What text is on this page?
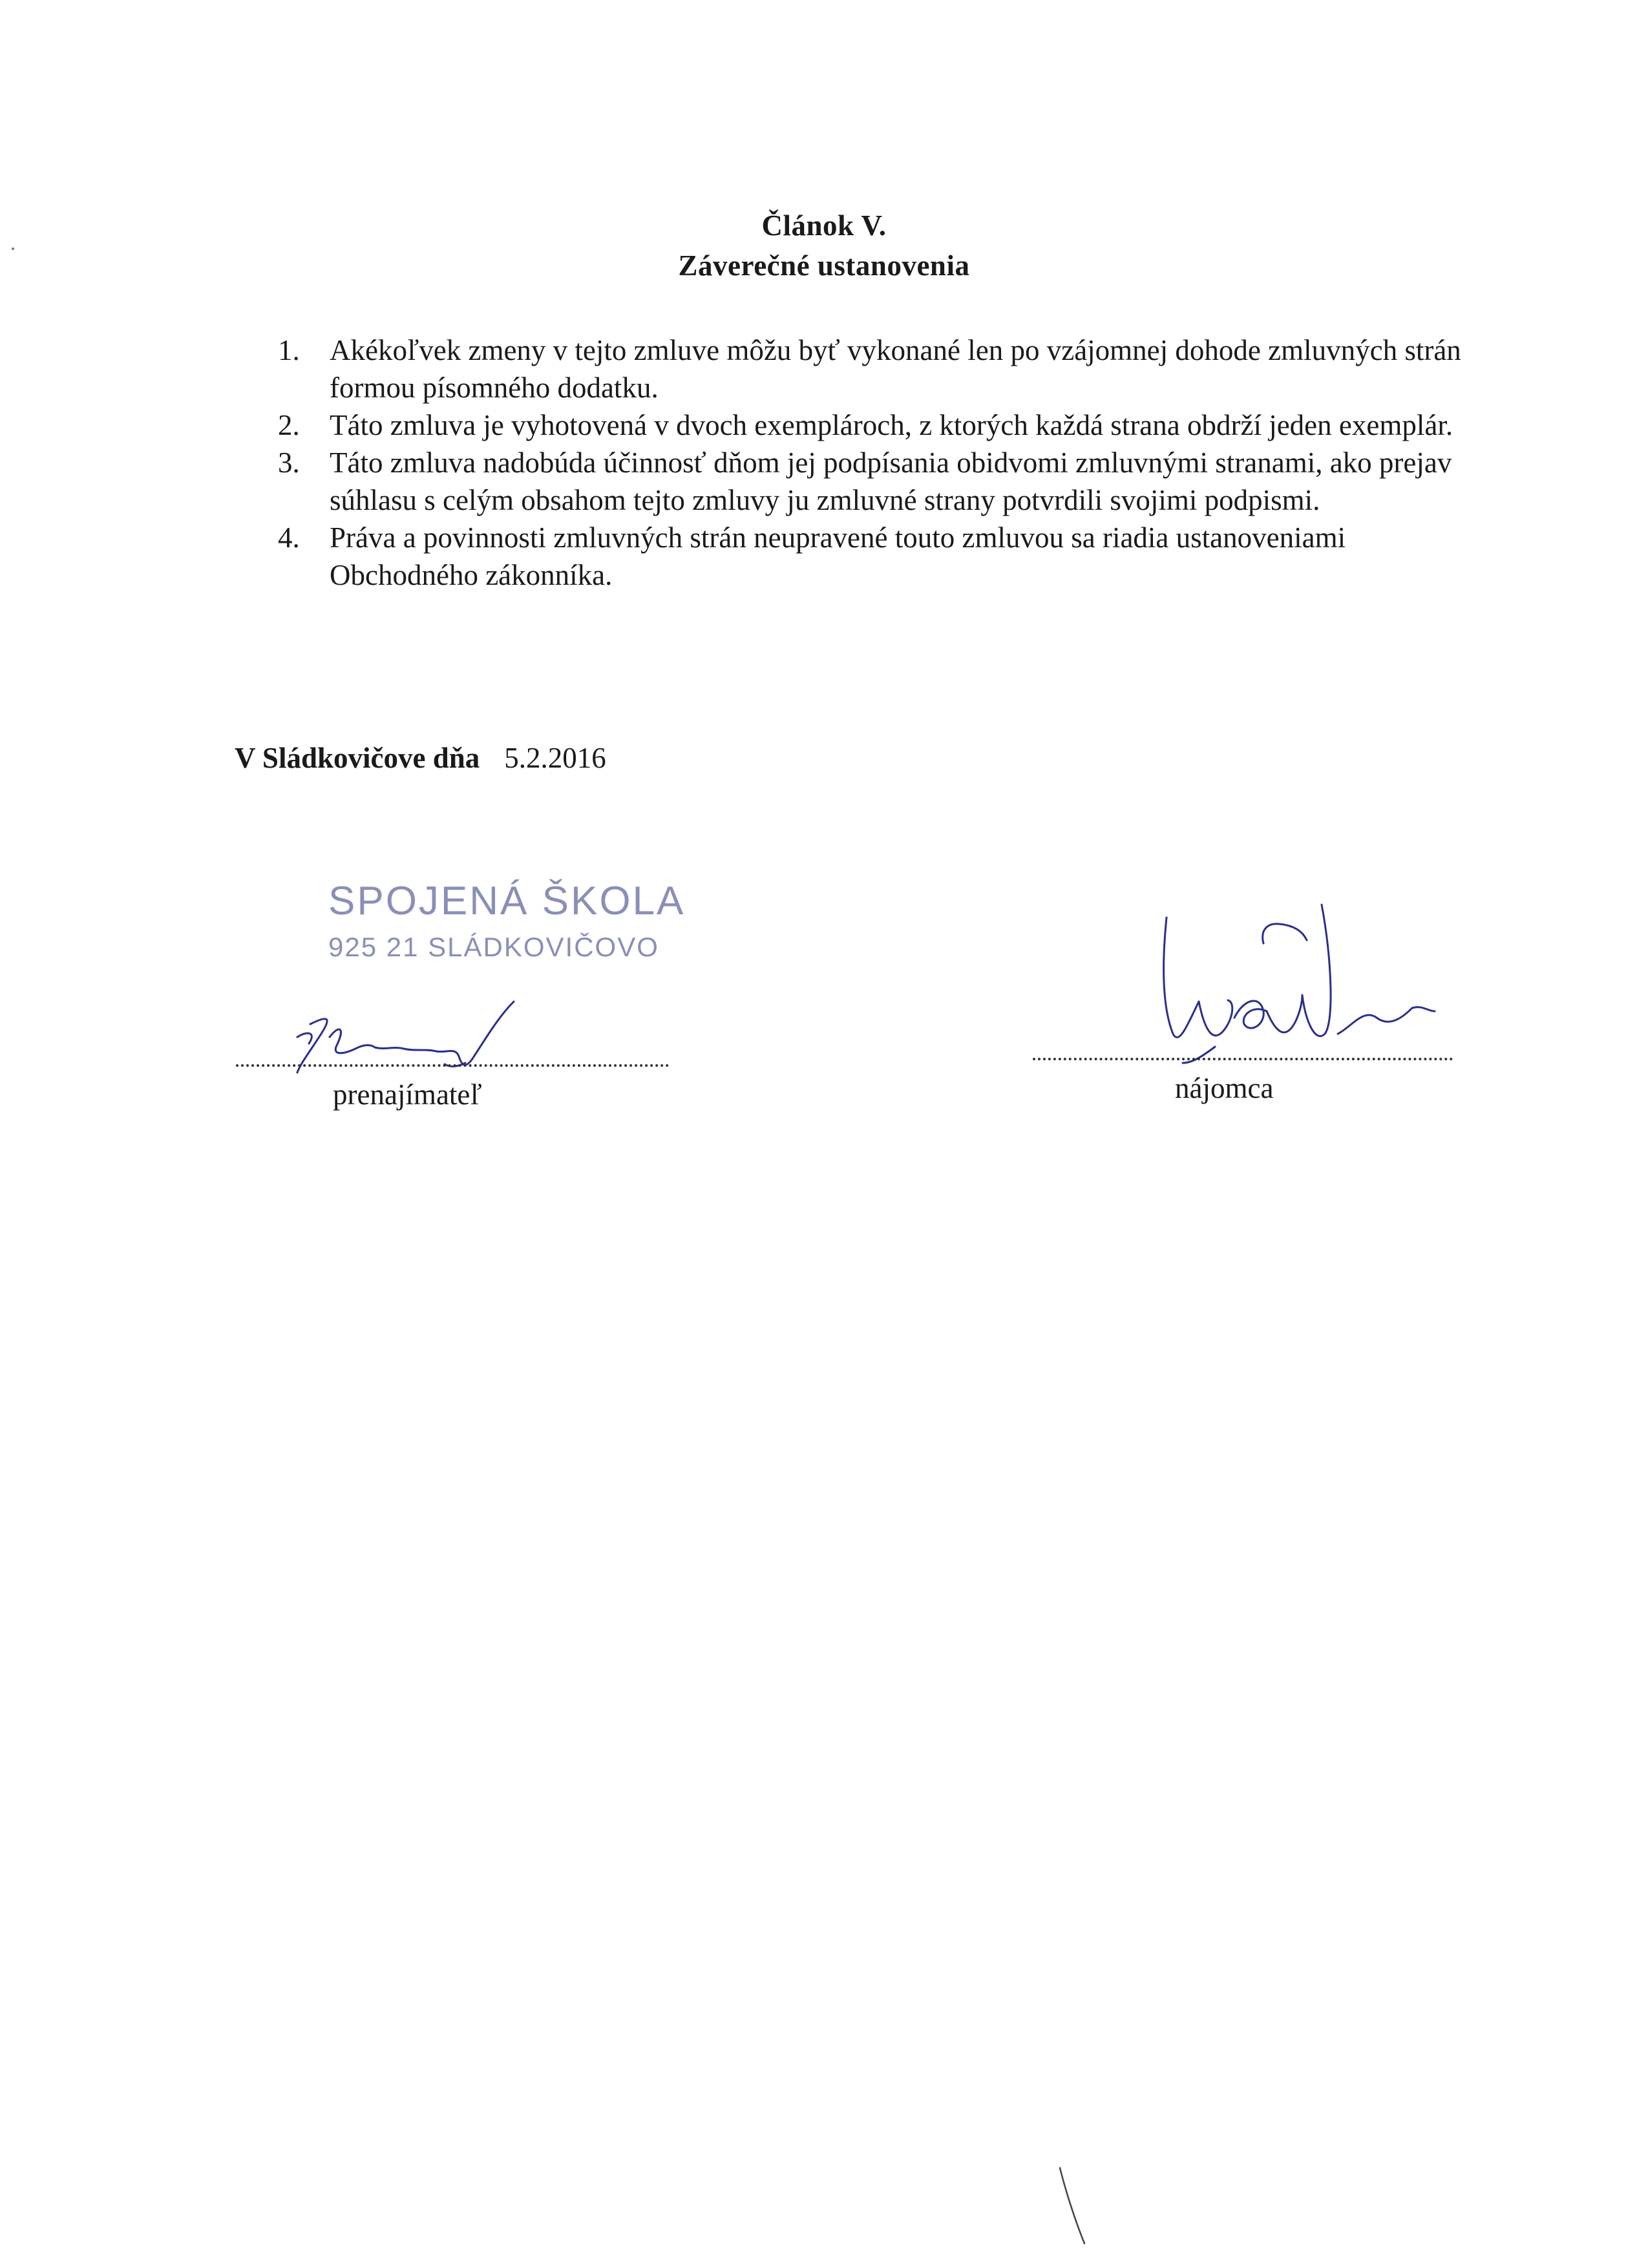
Článok V.
Záverečné ustanovenia
1. Akékoľvek zmeny v tejto zmluve môžu byť vykonané len po vzájomnej dohode zmluvných strán formou písomného dodatku.
2. Táto zmluva je vyhotovená v dvoch exemplároch, z ktorých každá strana obdrží jeden exemplár.
3. Táto zmluva nadobúda účinnosť dňom jej podpísania obidvomi zmluvnými stranami, ako prejav súhlasu s celým obsahom tejto zmluvy ju zmluvné strany potvrdili svojimi podpismi.
4. Práva a povinnosti zmluvných strán neupravené touto zmluvou sa riadia ustanoveniami Obchodného zákonníka.
V Sládkovičove dňa 5.2.2016
SPOJENÁ ŠKOLA
925 21 SLÁDKOVIČOVO
prenajímateľ	nájomca
